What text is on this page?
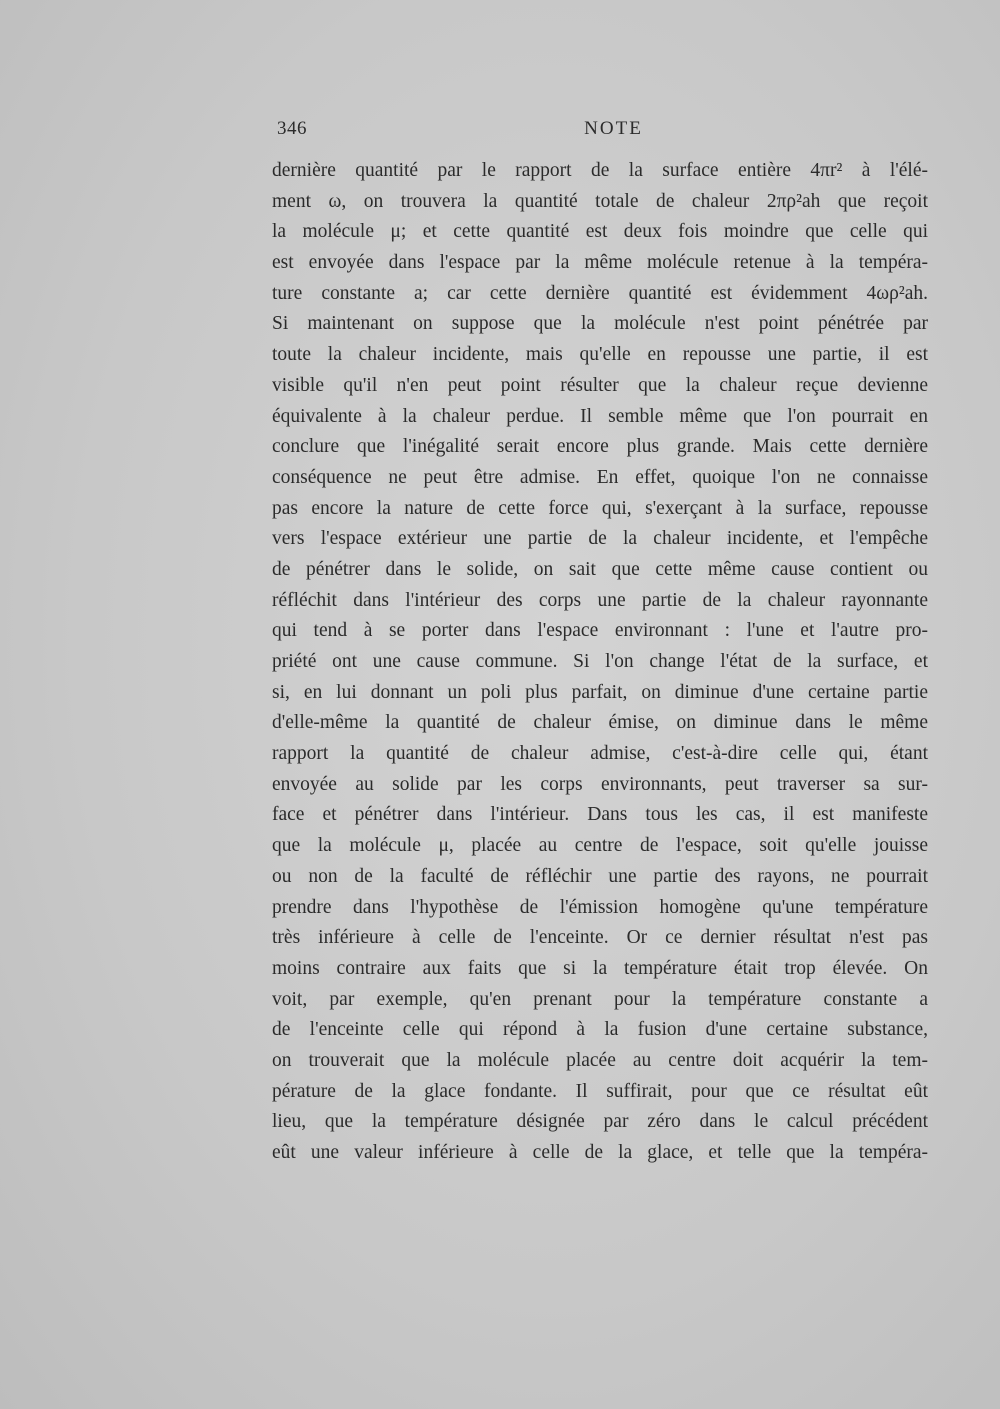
346	NOTE
dernière quantité par le rapport de la surface entière 4πr² à l'élé-
ment ω, on trouvera la quantité totale de chaleur 2πρ²ah que reçoit
la molécule μ; et cette quantité est deux fois moindre que celle qui
est envoyée dans l'espace par la même molécule retenue à la tempéra-
ture constante a; car cette dernière quantité est évidemment 4ωρ²ah.
Si maintenant on suppose que la molécule n'est point pénétrée par
toute la chaleur incidente, mais qu'elle en repousse une partie, il est
visible qu'il n'en peut point résulter que la chaleur reçue devienne
équivalente à la chaleur perdue. Il semble même que l'on pourrait en
conclure que l'inégalité serait encore plus grande. Mais cette dernière
conséquence ne peut être admise. En effet, quoique l'on ne connaisse
pas encore la nature de cette force qui, s'exerçant à la surface, repousse
vers l'espace extérieur une partie de la chaleur incidente, et l'empêche
de pénétrer dans le solide, on sait que cette même cause contient ou
réfléchit dans l'intérieur des corps une partie de la chaleur rayonnante
qui tend à se porter dans l'espace environnant : l'une et l'autre pro-
priété ont une cause commune. Si l'on change l'état de la surface, et
si, en lui donnant un poli plus parfait, on diminue d'une certaine partie
d'elle-même la quantité de chaleur émise, on diminue dans le même
rapport la quantité de chaleur admise, c'est-à-dire celle qui, étant
envoyée au solide par les corps environnants, peut traverser sa sur-
face et pénétrer dans l'intérieur. Dans tous les cas, il est manifeste
que la molécule μ, placée au centre de l'espace, soit qu'elle jouisse
ou non de la faculté de réfléchir une partie des rayons, ne pourrait
prendre dans l'hypothèse de l'émission homogène qu'une température
très inférieure à celle de l'enceinte. Or ce dernier résultat n'est pas
moins contraire aux faits que si la température était trop élevée. On
voit, par exemple, qu'en prenant pour la température constante a
de l'enceinte celle qui répond à la fusion d'une certaine substance,
on trouverait que la molécule placée au centre doit acquérir la tem-
pérature de la glace fondante. Il suffirait, pour que ce résultat eût
lieu, que la température désignée par zéro dans le calcul précédent
eût une valeur inférieure à celle de la glace, et telle que la tempéra-
